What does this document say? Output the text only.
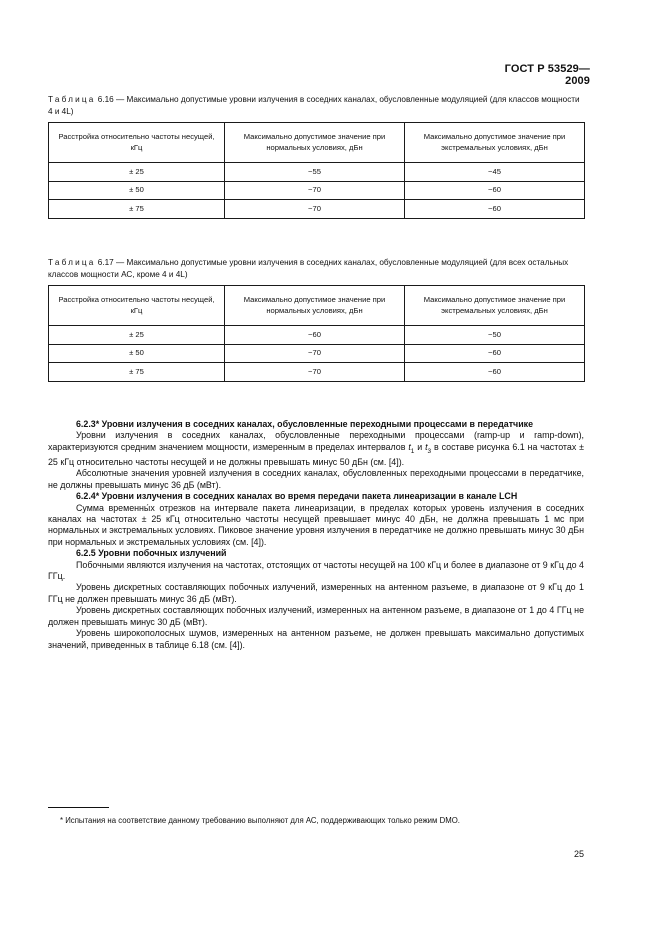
ГОСТ Р 53529—2009
Таблица 6.16 — Максимально допустимые уровни излучения в соседних каналах, обусловленные модуляцией (для классов мощности 4 и 4L)
Расстройка относительно частоты несущей, кГц	Максимально допустимое значение при нормальных условиях, дБн	Максимально допустимое значение при экстремальных условиях, дБн
± 25	−55	−45
± 50	−70	−60
± 75	−70	−60
Таблица 6.17 — Максимально допустимые уровни излучения в соседних каналах, обусловленные модуляцией (для всех остальных классов мощности АС, кроме 4 и 4L)
Расстройка относительно частоты несущей, кГц	Максимально допустимое значение при нормальных условиях, дБн	Максимально допустимое значение при экстремальных условиях, дБн
± 25	−60	−50
± 50	−70	−60
± 75	−70	−60

6.2.3* Уровни излучения в соседних каналах, обусловленные переходными процессами в передатчике

Уровни излучения в соседних каналах, обусловленные переходными процессами (ramp-up и ramp-down), характеризуются средним значением мощности, измеренным в пределах интервалов $t_1$ и $t_3$ в составе рисунка 6.1 на частотах ± 25 кГц относительно частоты несущей и не должны превышать минус 50 дБн (см. [4]).

Абсолютные значения уровней излучения в соседних каналах, обусловленных переходными процессами в передатчике, не должны превышать минус 36 дБ (мВт).

6.2.4* Уровни излучения в соседних каналах во время передачи пакета линеаризации в канале LCH

Сумма временны́х отрезков на интервале пакета линеаризации, в пределах которых уровень излучения в соседних каналах на частотах ± 25 кГц относительно частоты несущей превышает минус 40 дБн, не должна превышать 1 мс при нормальных и экстремальных условиях. Пиковое значение уровня излучения в передатчике не должно превышать минус 30 дБн при нормальных и экстремальных условиях (см. [4]).

6.2.5 Уровни побочных излучений

Побочными являются излучения на частотах, отстоящих от частоты несущей на 100 кГц и более в диапазоне от 9 кГц до 4 ГГц.

Уровень дискретных составляющих побочных излучений, измеренных на антенном разъеме, в диапазоне от 9 кГц до 1 ГГц не должен превышать минус 36 дБ (мВт).

Уровень дискретных составляющих побочных излучений, измеренных на антенном разъеме, в диапазоне от 1 до 4 ГГц не должен превышать минус 30 дБ (мВт).

Уровень широкополосных шумов, измеренных на антенном разъеме, не должен превышать максимально допустимых значений, приведенных в таблице 6.18 (см. [4]).

* Испытания на соответствие данному требованию выполняют для АС, поддерживающих только режим DMO.
25
